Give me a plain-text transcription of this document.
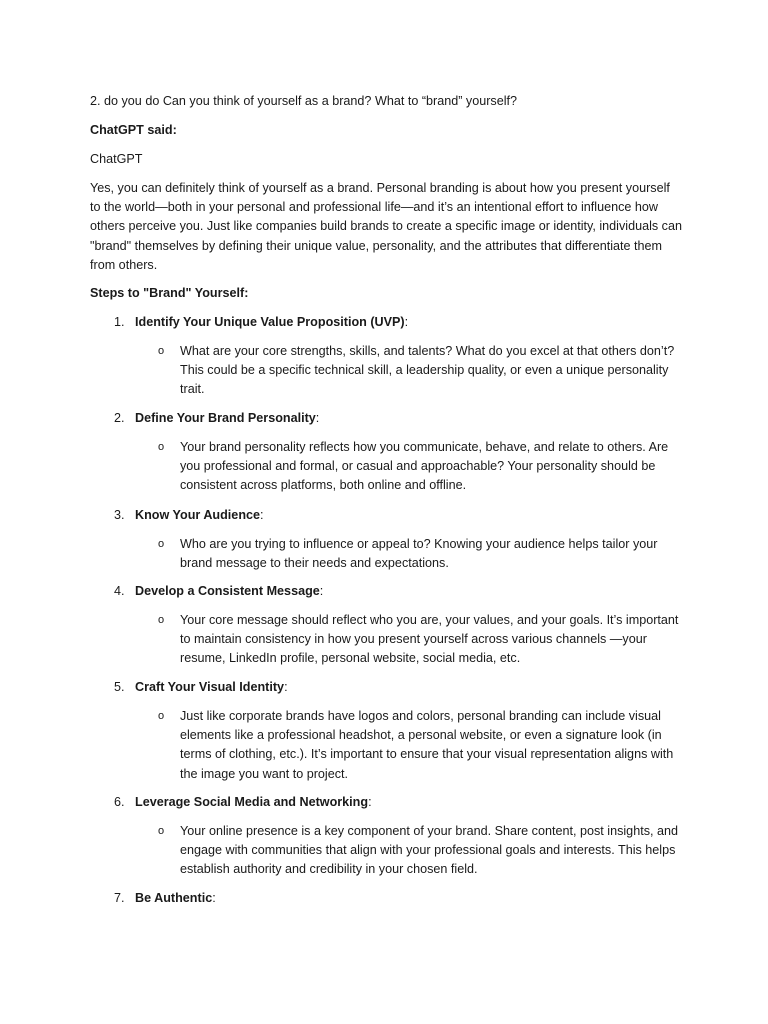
2. do you do Can you think of yourself as a brand? What to “brand” yourself?
ChatGPT said:
ChatGPT
Yes, you can definitely think of yourself as a brand. Personal branding is about how you present yourself to the world—both in your personal and professional life—and it’s an intentional effort to influence how others perceive you. Just like companies build brands to create a specific image or identity, individuals can "brand" themselves by defining their unique value, personality, and the attributes that differentiate them from others.
Steps to "Brand" Yourself:
1. Identify Your Unique Value Proposition (UVP):
o	What are your core strengths, skills, and talents? What do you excel at that others don’t? This could be a specific technical skill, a leadership quality, or even a unique personality trait.
2. Define Your Brand Personality:
o	Your brand personality reflects how you communicate, behave, and relate to others. Are you professional and formal, or casual and approachable? Your personality should be consistent across platforms, both online and offline.
3. Know Your Audience:
o	Who are you trying to influence or appeal to? Knowing your audience helps tailor your brand message to their needs and expectations.
4. Develop a Consistent Message:
o	Your core message should reflect who you are, your values, and your goals. It’s important to maintain consistency in how you present yourself across various channels —your resume, LinkedIn profile, personal website, social media, etc.
5. Craft Your Visual Identity:
o	Just like corporate brands have logos and colors, personal branding can include visual elements like a professional headshot, a personal website, or even a signature look (in terms of clothing, etc.). It’s important to ensure that your visual representation aligns with the image you want to project.
6. Leverage Social Media and Networking:
o	Your online presence is a key component of your brand. Share content, post insights, and engage with communities that align with your professional goals and interests. This helps establish authority and credibility in your chosen field.
7. Be Authentic:
